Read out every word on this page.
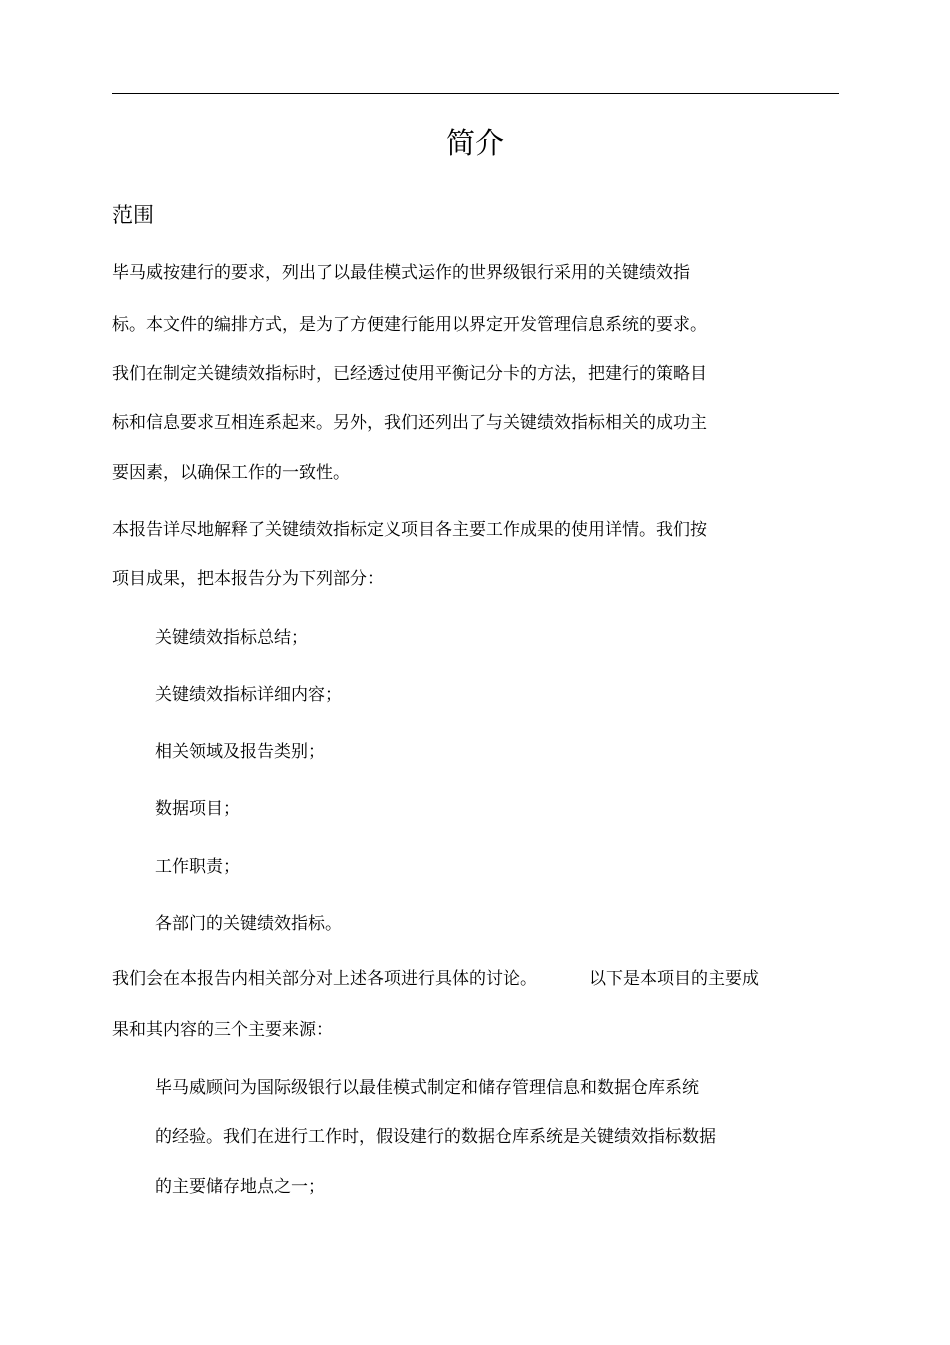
简介
范围
毕马威按建行的要求，列出了以最佳模式运作的世界级银行采用的关键绩效指
标。本文件的编排方式，是为了方便建行能用以界定开发管理信息系统的要求。
我们在制定关键绩效指标时，已经透过使用平衡记分卡的方法，把建行的策略目
标和信息要求互相连系起来。另外，我们还列出了与关键绩效指标相关的成功主
要因素，以确保工作的一致性。
本报告详尽地解释了关键绩效指标定义项目各主要工作成果的使用详情。我们按
项目成果，把本报告分为下列部分：
关键绩效指标总结；
关键绩效指标详细内容；
相关领域及报告类别；
数据项目；
工作职责；
各部门的关键绩效指标。
我们会在本报告内相关部分对上述各项进行具体的讨论。	以下是本项目的主要成
果和其内容的三个主要来源：
毕马威顾问为国际级银行以最佳模式制定和储存管理信息和数据仓库系统
的经验。我们在进行工作时，假设建行的数据仓库系统是关键绩效指标数据
的主要储存地点之一；
